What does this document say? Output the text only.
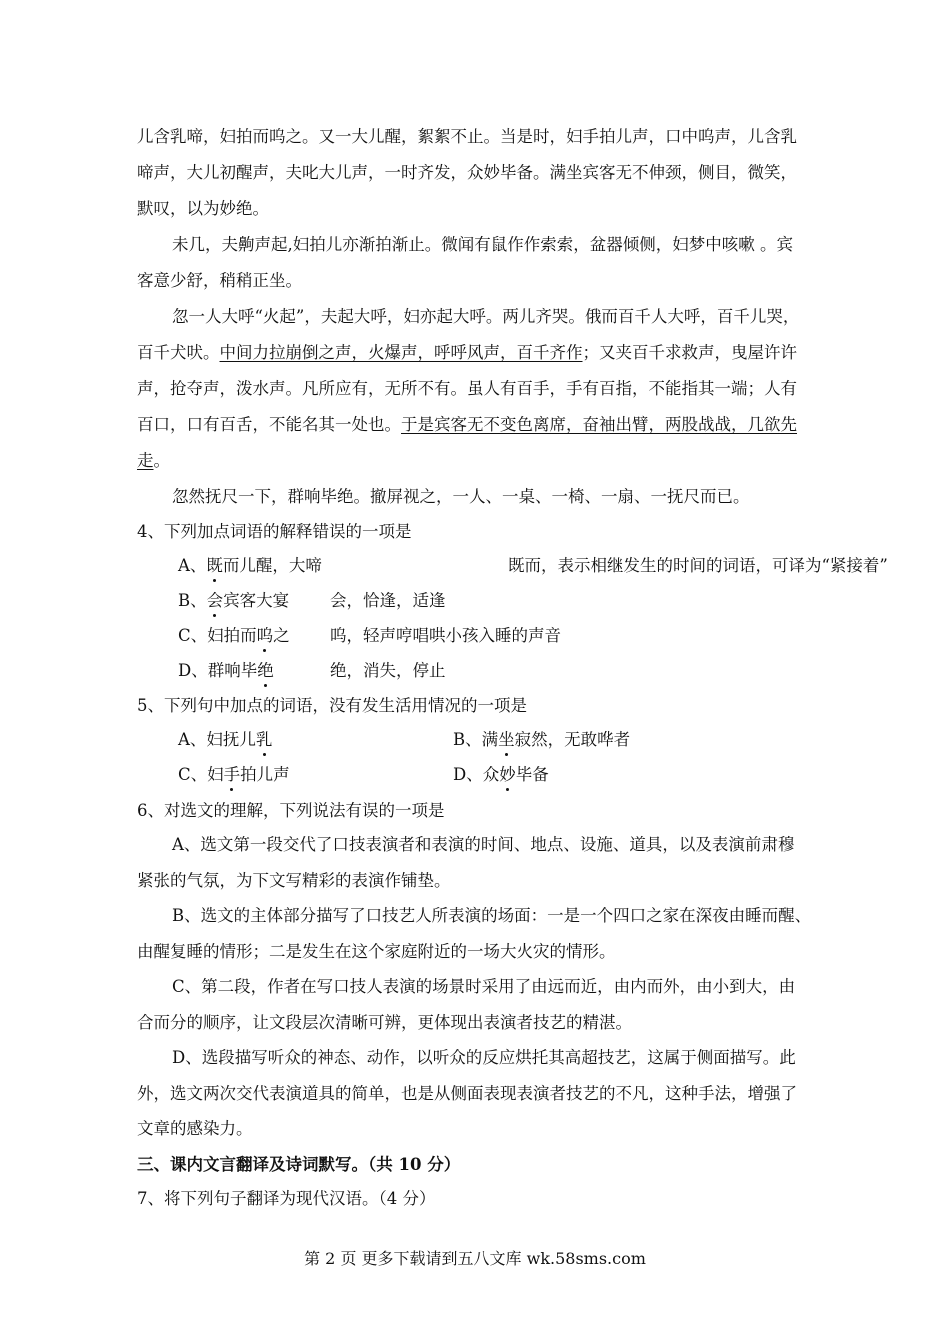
儿含乳啼，妇拍而呜之。又一大儿醒，絮絮不止。当是时，妇手拍儿声，口中呜声，儿含乳
啼声，大儿初醒声，夫叱大儿声，一时齐发，众妙毕备。满坐宾客无不伸颈，侧目，微笑，
默叹，以为妙绝。
未几，夫齁声起,妇拍儿亦渐拍渐止。微闻有鼠作作索索，盆器倾侧，妇梦中咳嗽 。宾
客意少舒，稍稍正坐。
忽一人大呼“火起”，夫起大呼，妇亦起大呼。两儿齐哭。俄而百千人大呼，百千儿哭，
百千犬吠。中间力拉崩倒之声，火爆声，呼呼风声，百千齐作；又夹百千求救声，曳屋许许
声，抢夺声，泼水声。凡所应有，无所不有。虽人有百手，手有百指，不能指其一端；人有
百口，口有百舌，不能名其一处也。于是宾客无不变色离席，奋袖出臂，两股战战，几欲先
走。
忽然抚尺一下，群响毕绝。撤屏视之，一人、一桌、一椅、一扇、一抚尺而已。
4、下列加点词语的解释错误的一项是
A、既而儿醒，大啼	既而，表示相继发生的时间的词语，可译为“紧接着”
B、会宾客大宴 会，恰逢，适逢
C、妇拍而呜之 呜，轻声哼唱哄小孩入睡的声音
D、群响毕绝	绝，消失，停止
5、下列句中加点的词语，没有发生活用情况的一项是
A、妇抚儿乳	B、满坐寂然，无敢哗者
C、妇手拍儿声	D、众妙毕备
6、对选文的理解，下列说法有误的一项是
A、选文第一段交代了口技表演者和表演的时间、地点、设施、道具，以及表演前肃穆
紧张的气氛，为下文写精彩的表演作铺垫。
B、选文的主体部分描写了口技艺人所表演的场面：一是一个四口之家在深夜由睡而醒、
由醒复睡的情形；二是发生在这个家庭附近的一场大火灾的情形。
C、第二段，作者在写口技人表演的场景时采用了由远而近，由内而外，由小到大，由
合而分的顺序，让文段层次清晰可辨，更体现出表演者技艺的精湛。
D、选段描写听众的神态、动作，以听众的反应烘托其高超技艺，这属于侧面描写。此
外，选文两次交代表演道具的简单，也是从侧面表现表演者技艺的不凡，这种手法，增强了
文章的感染力。
三、课内文言翻译及诗词默写。（共 10 分）
7、将下列句子翻译为现代汉语。（4 分）
第 2 页 更多下载请到五八文库 wk.58sms.com
